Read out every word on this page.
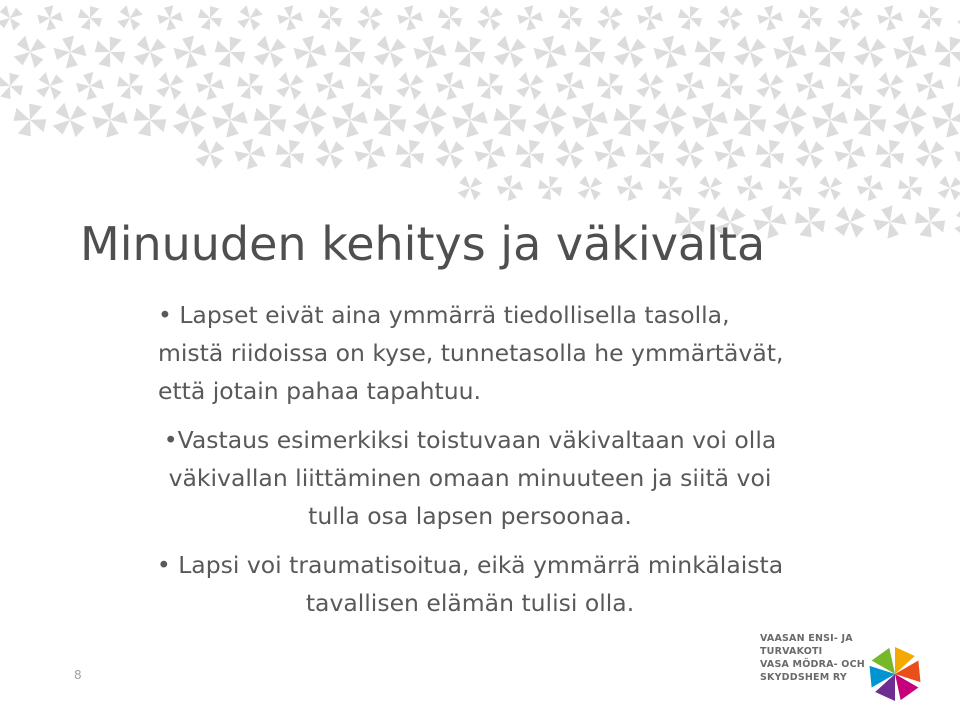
Minuuden kehitys ja väkivalta

• Lapset eivät aina ymmärrä tiedollisella tasolla, mistä riidoissa on kyse, tunnetasolla he ymmärtävät, että jotain pahaa tapahtuu.

•Vastaus esimerkiksi toistuvaan väkivaltaan voi olla väkivallan liittäminen omaan minuuteen ja siitä voi tulla osa lapsen persoonaa.

• Lapsi voi traumatisoitua, eikä ymmärrä minkälaista tavallisen elämän tulisi olla.

8
VAASAN ENSI- JA
TURVAKOTI
VASA MÖDRA- OCH
SKYDDSHEM RY
